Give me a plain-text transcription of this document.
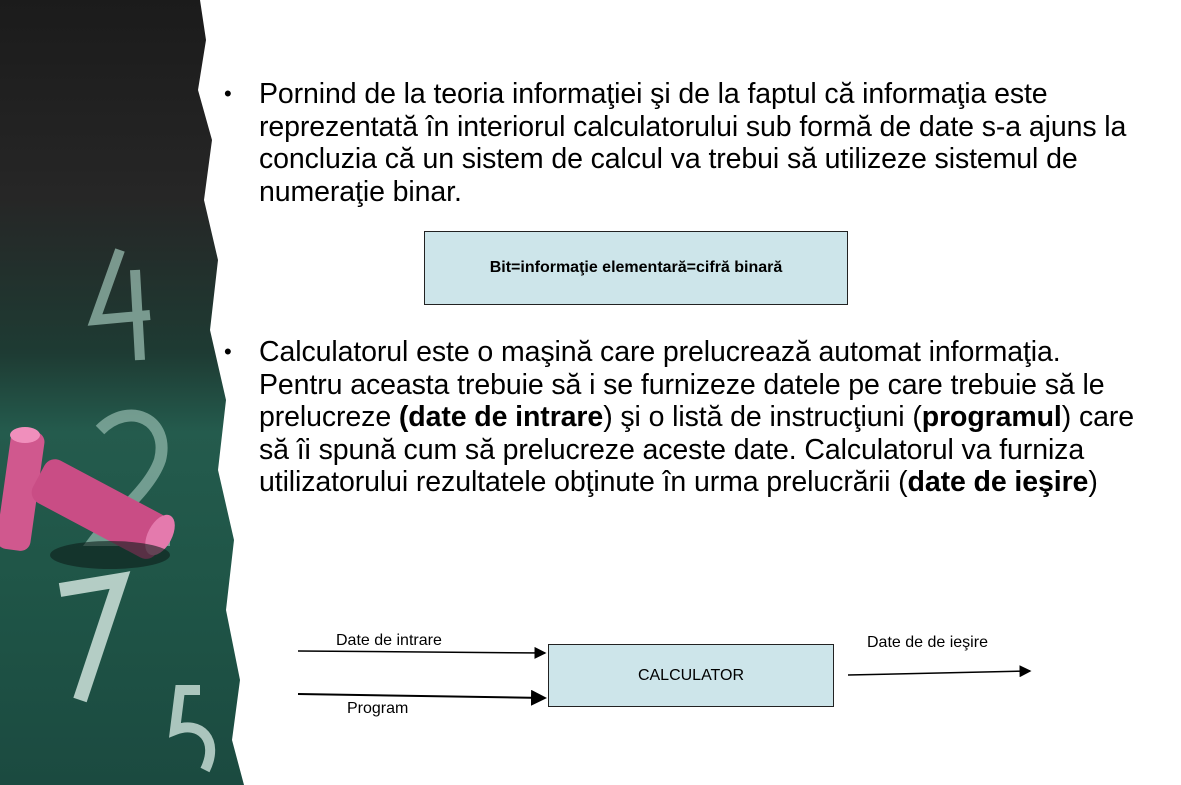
• Pornind de la teoria informaţiei şi de la faptul că informaţia este reprezentată în interiorul calculatorului sub formă de date s-a ajuns la concluzia că un sistem de calcul va trebui să utilizeze sistemul de numeraţie binar.
Bit=informaţie elementară=cifră binară
• Calculatorul este o maşină care prelucrează automat informaţia. Pentru aceasta trebuie să i se furnizeze datele pe care trebuie să le prelucreze (date de intrare) şi o listă de instrucţiuni (programul) care să îi spună cum să prelucreze aceste date. Calculatorul va furniza utilizatorului rezultatele obţinute în urma prelucrării (date de ieşire)
Date de intrare
Program
CALCULATOR
Date de de ieşire
